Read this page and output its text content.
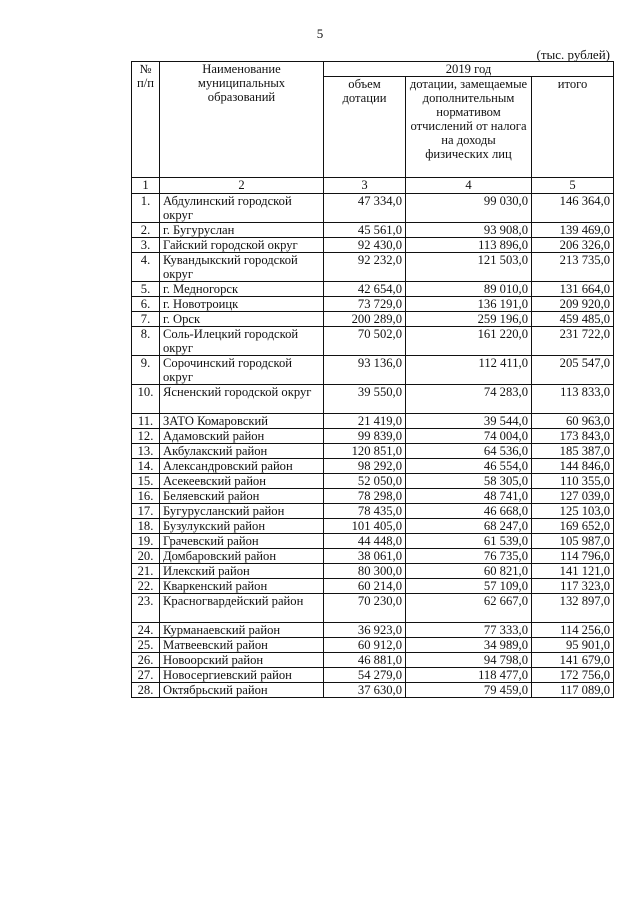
5
(тыс. рублей)
№
п/п	Наименование муниципальных образований	2019 год		
		объем дотации	дотации, замещаемые дополнительным нормативом отчислений от налога на доходы физических лиц	итого
1	2	3	4	5
1.	Абдулинский городской округ	47 334,0	99 030,0	146 364,0
2.	г. Бугуруслан	45 561,0	93 908,0	139 469,0
3.	Гайский городской округ	92 430,0	113 896,0	206 326,0
4.	Кувандыкский городской округ	92 232,0	121 503,0	213 735,0
5.	г. Медногорск	42 654,0	89 010,0	131 664,0
6.	г. Новотроицк	73 729,0	136 191,0	209 920,0
7.	г. Орск	200 289,0	259 196,0	459 485,0
8.	Соль-Илецкий городской округ	70 502,0	161 220,0	231 722,0
9.	Сорочинский городской округ	93 136,0	112 411,0	205 547,0
10.	Ясненский городской округ	39 550,0	74 283,0	113 833,0
11.	ЗАТО Комаровский	21 419,0	39 544,0	60 963,0
12.	Адамовский район	99 839,0	74 004,0	173 843,0
13.	Акбулакский район	120 851,0	64 536,0	185 387,0
14.	Александровский район	98 292,0	46 554,0	144 846,0
15.	Асекеевский район	52 050,0	58 305,0	110 355,0
16.	Беляевский район	78 298,0	48 741,0	127 039,0
17.	Бугурусланский район	78 435,0	46 668,0	125 103,0
18.	Бузулукский район	101 405,0	68 247,0	169 652,0
19.	Грачевский район	44 448,0	61 539,0	105 987,0
20.	Домбаровский район	38 061,0	76 735,0	114 796,0
21.	Илекский район	80 300,0	60 821,0	141 121,0
22.	Кваркенский район	60 214,0	57 109,0	117 323,0
23.	Красногвардейский район	70 230,0	62 667,0	132 897,0
24.	Курманаевский район	36 923,0	77 333,0	114 256,0
25.	Матвеевский район	60 912,0	34 989,0	95 901,0
26.	Новоорский район	46 881,0	94 798,0	141 679,0
27.	Новосергиевский район	54 279,0	118 477,0	172 756,0
28.	Октябрьский район	37 630,0	79 459,0	117 089,0
